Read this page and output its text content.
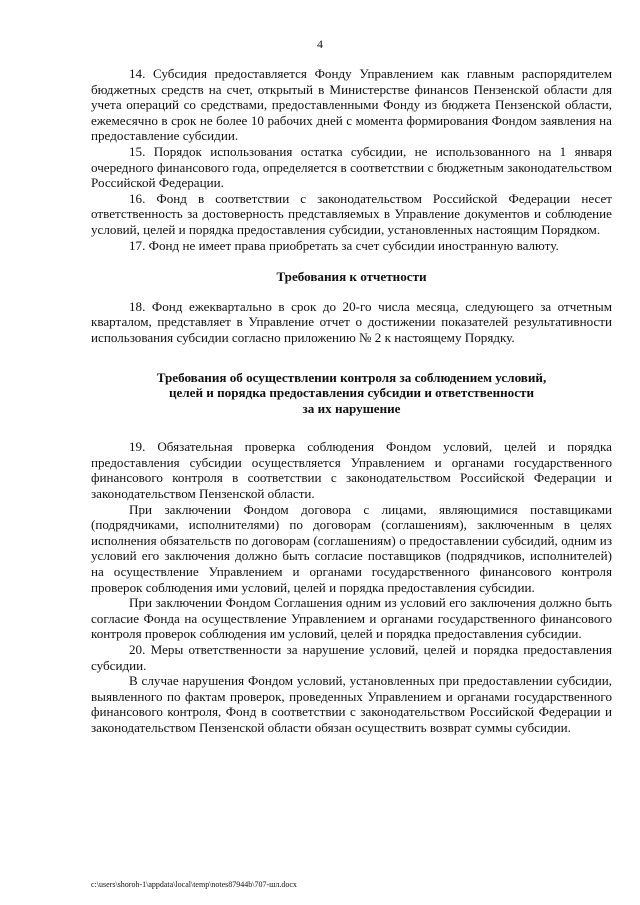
4

14. Субсидия предоставляется Фонду Управлением как главным распорядителем бюджетных средств на счет, открытый в Министерстве финансов Пензенской области для учета операций со средствами, предоставленными Фонду из бюджета Пензенской области, ежемесячно в срок не более 10 рабочих дней с момента формирования Фондом заявления на предоставление субсидии.

15. Порядок использования остатка субсидии, не использованного на 1 января очередного финансового года, определяется в соответствии с бюджетным законодательством Российской Федерации.

16. Фонд в соответствии с законодательством Российской Федерации несет ответственность за достоверность представляемых в Управление документов и соблюдение условий, целей и порядка предоставления субсидии, установленных настоящим Порядком.

17. Фонд не имеет права приобретать за счет субсидии иностранную валюту.

Требования к отчетности

18. Фонд ежеквартально в срок до 20-го числа месяца, следующего за отчетным кварталом, представляет в Управление отчет о достижении показателей результативности использования субсидии согласно приложению № 2 к настоящему Порядку.

Требования об осуществлении контроля за соблюдением условий,
целей и порядка предоставления субсидии и ответственности
за их нарушение

19. Обязательная проверка соблюдения Фондом условий, целей и порядка предоставления субсидии осуществляется Управлением и органами государственного финансового контроля в соответствии с законодательством Российской Федерации и законодательством Пензенской области.

При заключении Фондом договора с лицами, являющимися поставщиками (подрядчиками, исполнителями) по договорам (соглашениям), заключенным в целях исполнения обязательств по договорам (соглашениям) о предоставлении субсидий, одним из условий его заключения должно быть согласие поставщиков (подрядчиков, исполнителей) на осуществление Управлением и органами государственного финансового контроля проверок соблюдения ими условий, целей и порядка предоставления субсидии.

При заключении Фондом Соглашения одним из условий его заключения должно быть согласие Фонда на осуществление Управлением и органами государственного финансового контроля проверок соблюдения им условий, целей и порядка предоставления субсидии.

20. Меры ответственности за нарушение условий, целей и порядка предоставления субсидии.

В случае нарушения Фондом условий, установленных при предоставлении субсидии, выявленного по фактам проверок, проведенных Управлением и органами государственного финансового контроля, Фонд в соответствии с законодательством Российской Федерации и законодательством Пензенской области обязан осуществить возврат суммы субсидии.

c:\users\shoroh-1\appdata\local\temp\notes87944b\707-шл.docx
